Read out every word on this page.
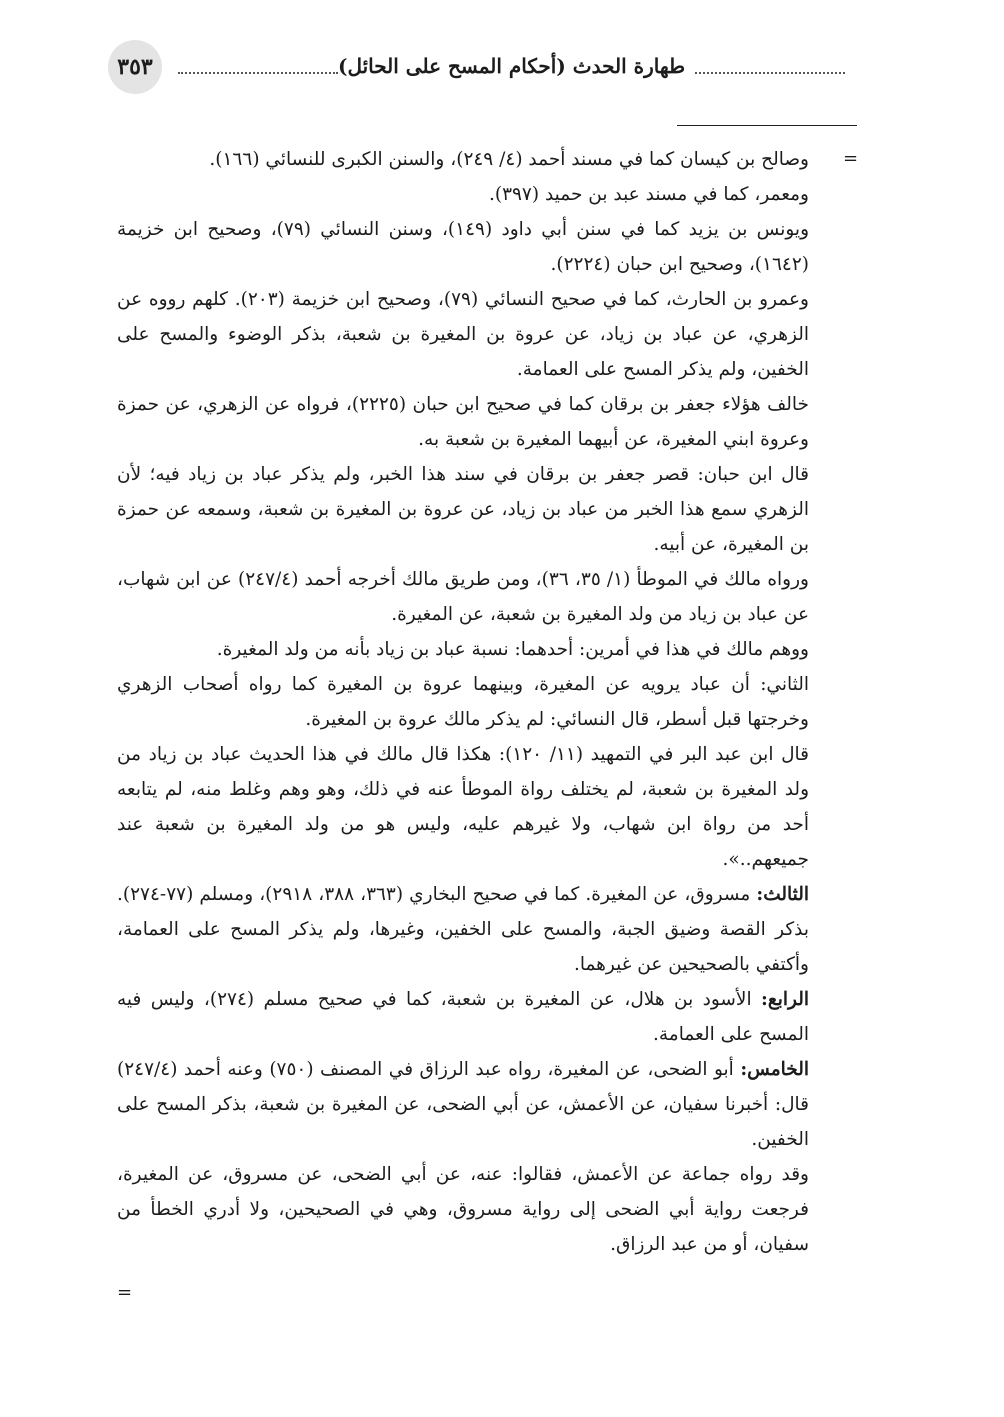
٣٥٣	طهارة الحدث (أحكام المسح على الحائل)
=

وصالح بن كيسان كما في مسند أحمد (٤/ ٢٤٩)، والسنن الكبرى للنسائي (١٦٦).

ومعمر، كما في مسند عبد بن حميد (٣٩٧).

ويونس بن يزيد كما في سنن أبي داود (١٤٩)، وسنن النسائي (٧٩)، وصحيح ابن خزيمة (١٦٤٢)، وصحيح ابن حبان (٢٢٢٤).

وعمرو بن الحارث، كما في صحيح النسائي (٧٩)، وصحيح ابن خزيمة (٢٠٣). كلهم رووه عن الزهري، عن عباد بن زياد، عن عروة بن المغيرة بن شعبة، بذكر الوضوء والمسح على الخفين، ولم يذكر المسح على العمامة.

خالف هؤلاء جعفر بن برقان كما في صحيح ابن حبان (٢٢٢٥)، فرواه عن الزهري، عن حمزة وعروة ابني المغيرة، عن أبيهما المغيرة بن شعبة به.

قال ابن حبان: قصر جعفر بن برقان في سند هذا الخبر، ولم يذكر عباد بن زياد فيه؛ لأن الزهري سمع هذا الخبر من عباد بن زياد، عن عروة بن المغيرة بن شعبة، وسمعه عن حمزة بن المغيرة، عن أبيه.

ورواه مالك في الموطأ (١/ ٣٥، ٣٦)، ومن طريق مالك أخرجه أحمد (٢٤٧/٤) عن ابن شهاب، عن عباد بن زياد من ولد المغيرة بن شعبة، عن المغيرة.

ووهم مالك في هذا في أمرين: أحدهما: نسبة عباد بن زياد بأنه من ولد المغيرة.

الثاني: أن عباد يرويه عن المغيرة، وبينهما عروة بن المغيرة كما رواه أصحاب الزهري وخرجتها قبل أسطر، قال النسائي: لم يذكر مالك عروة بن المغيرة.

قال ابن عبد البر في التمهيد (١١/ ١٢٠): هكذا قال مالك في هذا الحديث عباد بن زياد من ولد المغيرة بن شعبة، لم يختلف رواة الموطأ عنه في ذلك، وهو وهم وغلط منه، لم يتابعه أحد من رواة ابن شهاب، ولا غيرهم عليه، وليس هو من ولد المغيرة بن شعبة عند جميعهم..».

الثالث: مسروق، عن المغيرة. كما في صحيح البخاري (٣٦٣، ٣٨٨، ٢٩١٨)، ومسلم (٧٧-٢٧٤). بذكر القصة وضيق الجبة، والمسح على الخفين، وغيرها، ولم يذكر المسح على العمامة، وأكتفي بالصحيحين عن غيرهما.

الرابع: الأسود بن هلال، عن المغيرة بن شعبة، كما في صحيح مسلم (٢٧٤)، وليس فيه المسح على العمامة.

الخامس: أبو الضحى، عن المغيرة، رواه عبد الرزاق في المصنف (٧٥٠) وعنه أحمد (٢٤٧/٤) قال: أخبرنا سفيان، عن الأعمش، عن أبي الضحى، عن المغيرة بن شعبة، بذكر المسح على الخفين.

وقد رواه جماعة عن الأعمش، فقالوا: عنه، عن أبي الضحى، عن مسروق، عن المغيرة، فرجعت رواية أبي الضحى إلى رواية مسروق، وهي في الصحيحين، ولا أدري الخطأ من سفيان، أو من عبد الرزاق.

=
